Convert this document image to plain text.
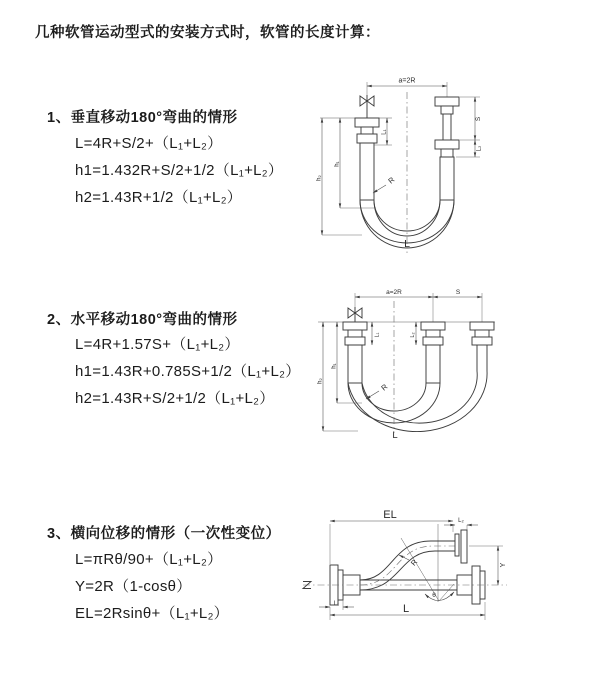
几种软管运动型式的安装方式时，软管的长度计算：
1、垂直移动180°弯曲的情形
L=4R+S/2+（L₁+L₂）
h1=1.432R+S/2+1/2（L₁+L₂）
h2=1.43R+1/2（L₁+L₂）
2、水平移动180°弯曲的情形
L=4R+1.57S+（L₁+L₂）
h1=1.43R+0.785S+1/2（L₁+L₂）
h2=1.43R+S/2+1/2（L₁+L₂）
3、横向位移的情形（一次性变位）
L=πRθ/90+（L₁+L₂）
Y=2R（1-cosθ）
EL=2Rsinθ+（L₁+L₂）
a=2R
L₁
S
L₂
h₁
h₂	R
L
a=2R	S
L₁	L₂
h₁
h₂
R
L
EL	L₂
θ
R	Y
L
L₁
